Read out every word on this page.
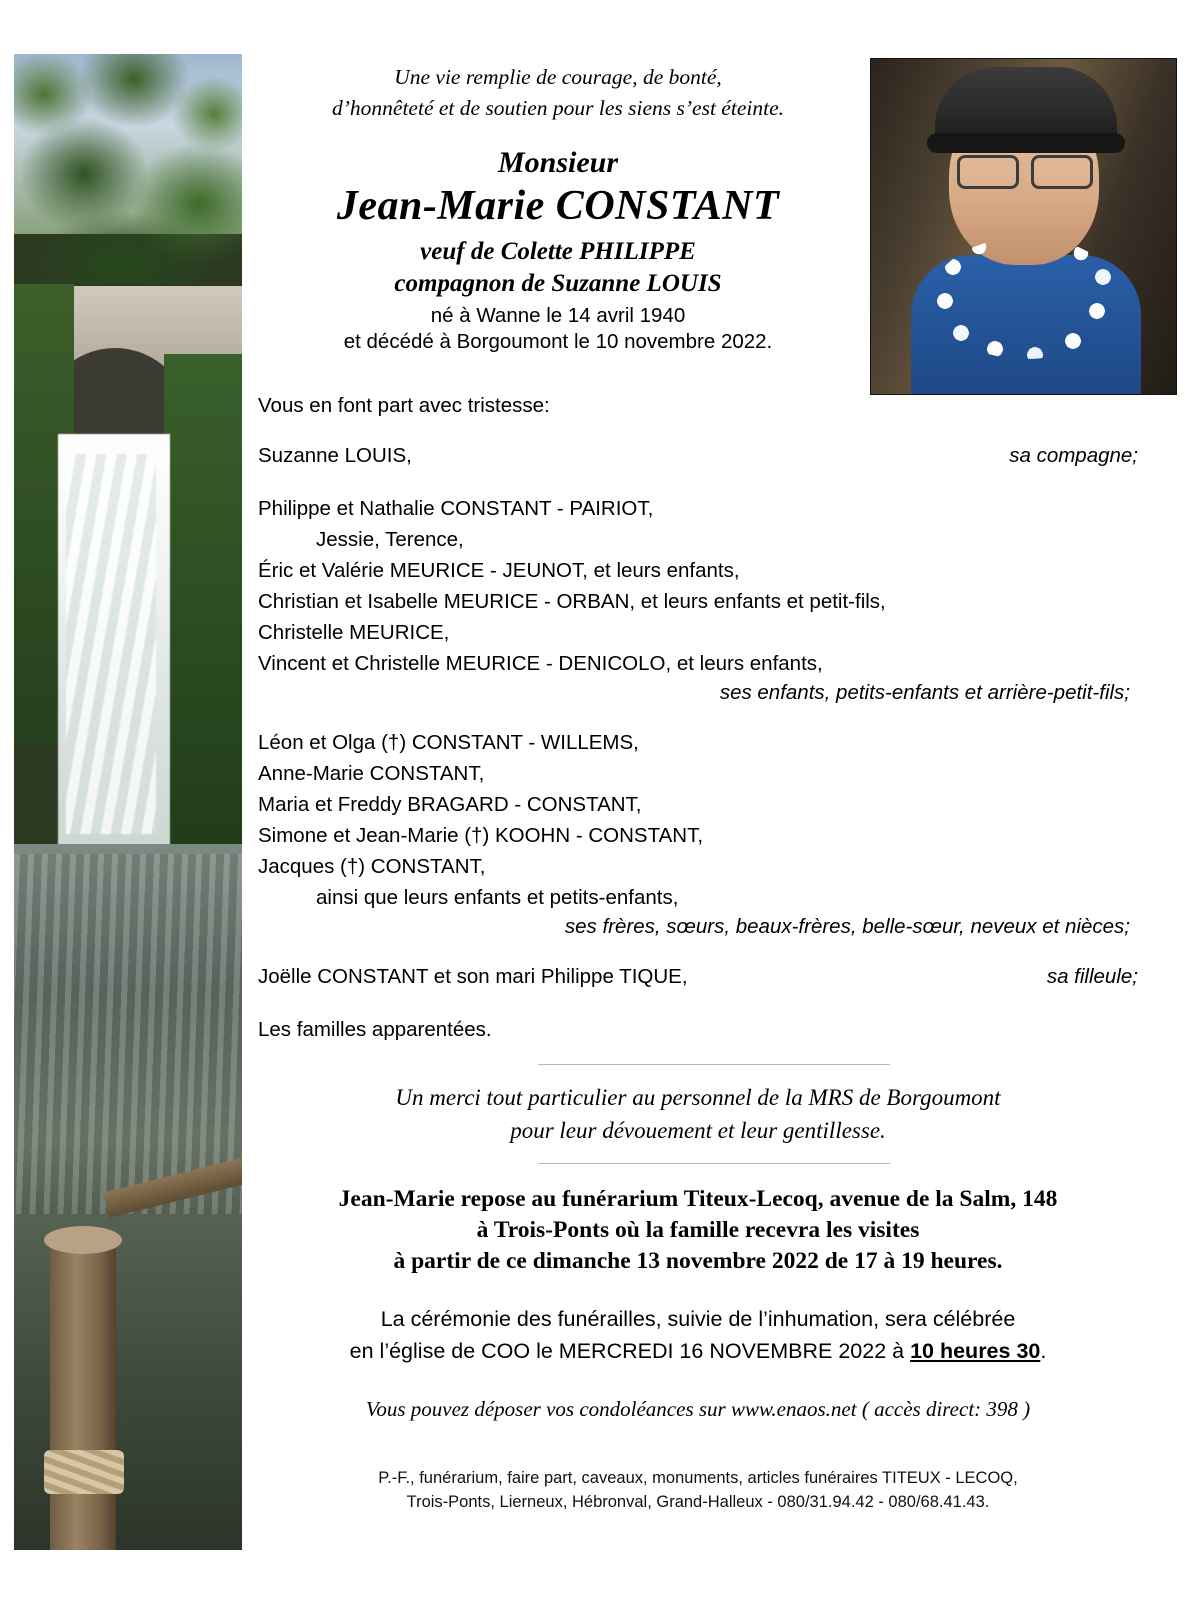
Une vie remplie de courage, de bonté,
d’honnêteté et de soutien pour les siens s’est éteinte.
Monsieur
Jean-Marie CONSTANT
veuf de Colette PHILIPPE
compagnon de Suzanne LOUIS
né à Wanne le 14 avril 1940
et décédé à Borgoumont le 10 novembre 2022.
Vous en font part avec tristesse:
Suzanne LOUIS,	sa compagne;
Philippe et Nathalie CONSTANT - PAIRIOT,
Jessie, Terence,
Éric et Valérie MEURICE - JEUNOT, et leurs enfants,
Christian et Isabelle MEURICE - ORBAN, et leurs enfants et petit-fils,
Christelle MEURICE,
Vincent et Christelle MEURICE - DENICOLO, et leurs enfants,
ses enfants, petits-enfants et arrière-petit-fils;
Léon et Olga (†) CONSTANT - WILLEMS,
Anne-Marie CONSTANT,
Maria et Freddy BRAGARD - CONSTANT,
Simone et Jean-Marie (†) KOOHN - CONSTANT,
Jacques (†) CONSTANT,
ainsi que leurs enfants et petits-enfants,
ses frères, sœurs, beaux-frères, belle-sœur, neveux et nièces;
Joëlle CONSTANT et son mari Philippe TIQUE,	sa filleule;
Les familles apparentées.
Un merci tout particulier au personnel de la MRS de Borgoumont
pour leur dévouement et leur gentillesse.
Jean-Marie repose au funérarium Titeux-Lecoq, avenue de la Salm, 148
à Trois-Ponts où la famille recevra les visites
à partir de ce dimanche 13 novembre 2022 de 17 à 19 heures.
La cérémonie des funérailles, suivie de l’inhumation, sera célébrée
en l’église de COO le MERCREDI 16 NOVEMBRE 2022 à 10 heures 30.
Vous pouvez déposer vos condoléances sur www.enaos.net ( accès direct: 398 )
P.-F., funérarium, faire part, caveaux, monuments, articles funéraires TITEUX - LECOQ,
Trois-Ponts, Lierneux, Hébronval, Grand-Halleux - 080/31.94.42 - 080/68.41.43.
